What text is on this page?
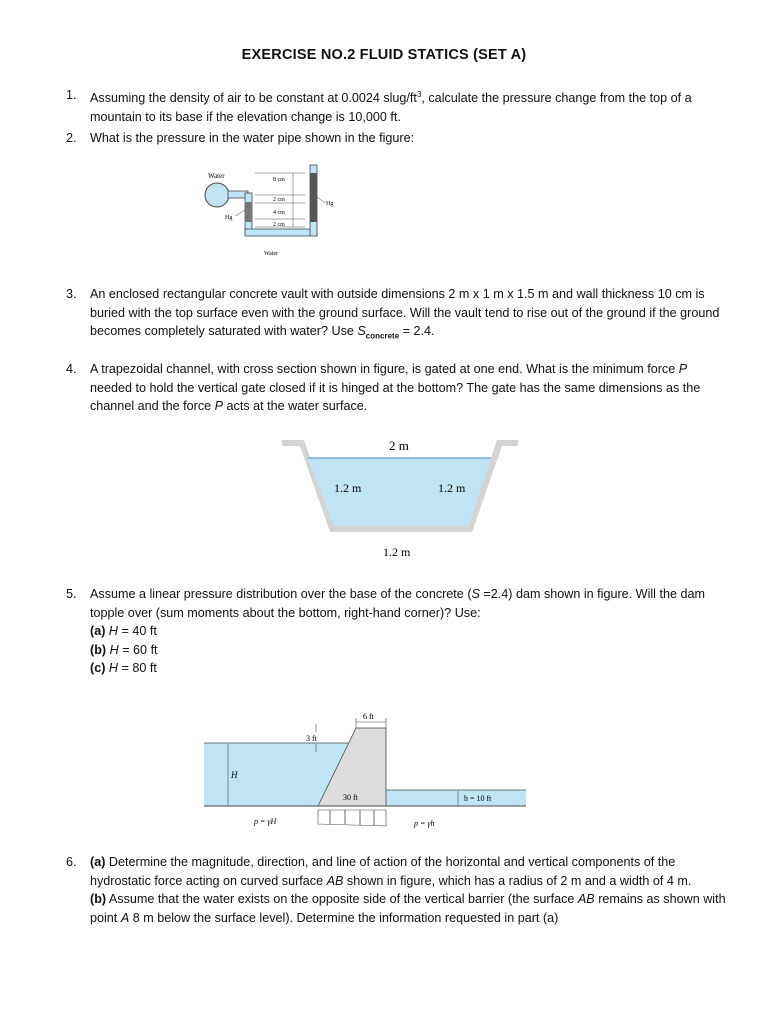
EXERCISE NO.2 FLUID STATICS (SET A)
1. Assuming the density of air to be constant at 0.0024 slug/$ft^3$, calculate the pressure change from the top of a mountain to its base if the elevation change is 10,000 ft.
2. What is the pressure in the water pipe shown in the figure:
Water	8 cm
2 cm
4 cm
2 cm
Hg
Hg
Water
3. An enclosed rectangular concrete vault with outside dimensions 2 m x 1 m x 1.5 m and wall thickness 10 cm is buried with the top surface even with the ground surface. Will the vault tend to rise out of the ground if the ground becomes completely saturated with water? Use $S_{concrete} = 2.4$.
4. A trapezoidal channel, with cross section shown in figure, is gated at one end. What is the minimum force P needed to hold the vertical gate closed if it is hinged at the bottom? The gate has the same dimensions as the channel and the force P acts at the water surface.
2 m
1.2 m	1.2 m
1.2 m
5. Assume a linear pressure distribution over the base of the concrete (S =2.4) dam shown in figure. Will the dam topple over (sum moments about the bottom, right-hand corner)? Use:
(a) H = 40 ft
(b) H = 60 ft
(c) H = 80 ft
H
6 ft
3 ft
30 ft	h = 10 ft
p = γH	p = γh
6. (a) Determine the magnitude, direction, and line of action of the horizontal and vertical components of the hydrostatic force acting on curved surface AB shown in figure, which has a radius of 2 m and a width of 4 m.
(b) Assume that the water exists on the opposite side of the vertical barrier (the surface AB remains as shown with point A 8 m below the surface level). Determine the information requested in part (a)
